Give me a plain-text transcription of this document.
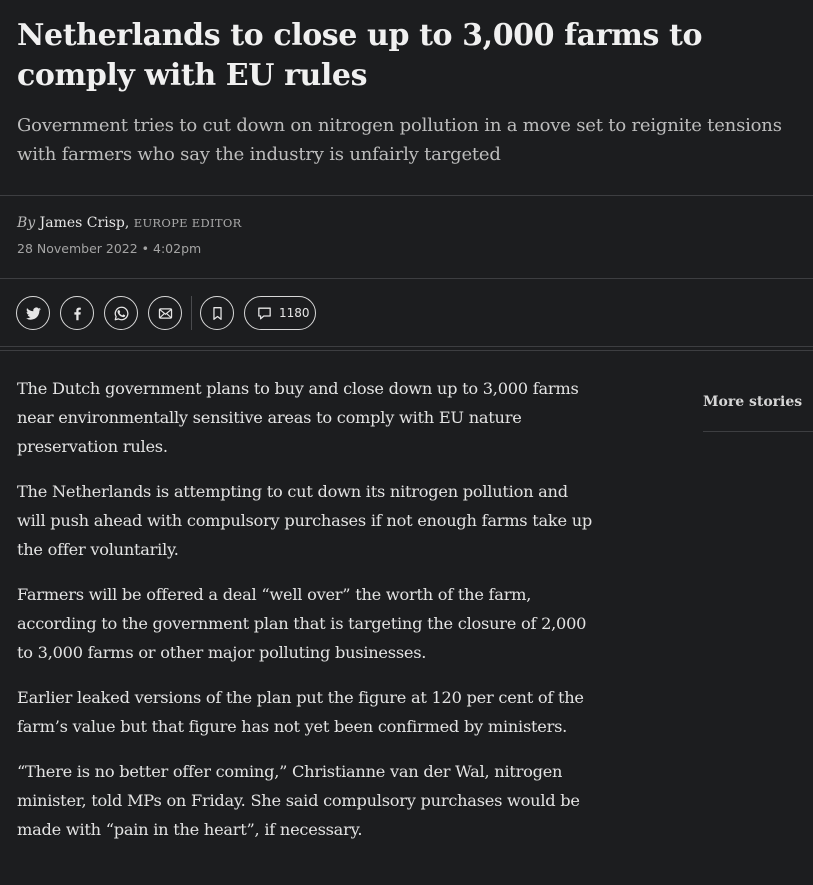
Netherlands to close up to 3,000 farms to comply with EU rules

Government tries to cut down on nitrogen pollution in a move set to reignite tensions with farmers who say the industry is unfairly targeted

By James Crisp, EUROPE EDITOR
28 November 2022 • 4:02pm
1180

The Dutch government plans to buy and close down up to 3,000 farms near environmentally sensitive areas to comply with EU nature preservation rules.

The Netherlands is attempting to cut down its nitrogen pollution and will push ahead with compulsory purchases if not enough farms take up the offer voluntarily.

Farmers will be offered a deal “well over” the worth of the farm, according to the government plan that is targeting the closure of 2,000 to 3,000 farms or other major polluting businesses.

Earlier leaked versions of the plan put the figure at 120 per cent of the farm’s value but that figure has not yet been confirmed by ministers.

“There is no better offer coming,” Christianne van der Wal, nitrogen minister, told MPs on Friday. She said compulsory purchases would be made with “pain in the heart”, if necessary.

More stories
